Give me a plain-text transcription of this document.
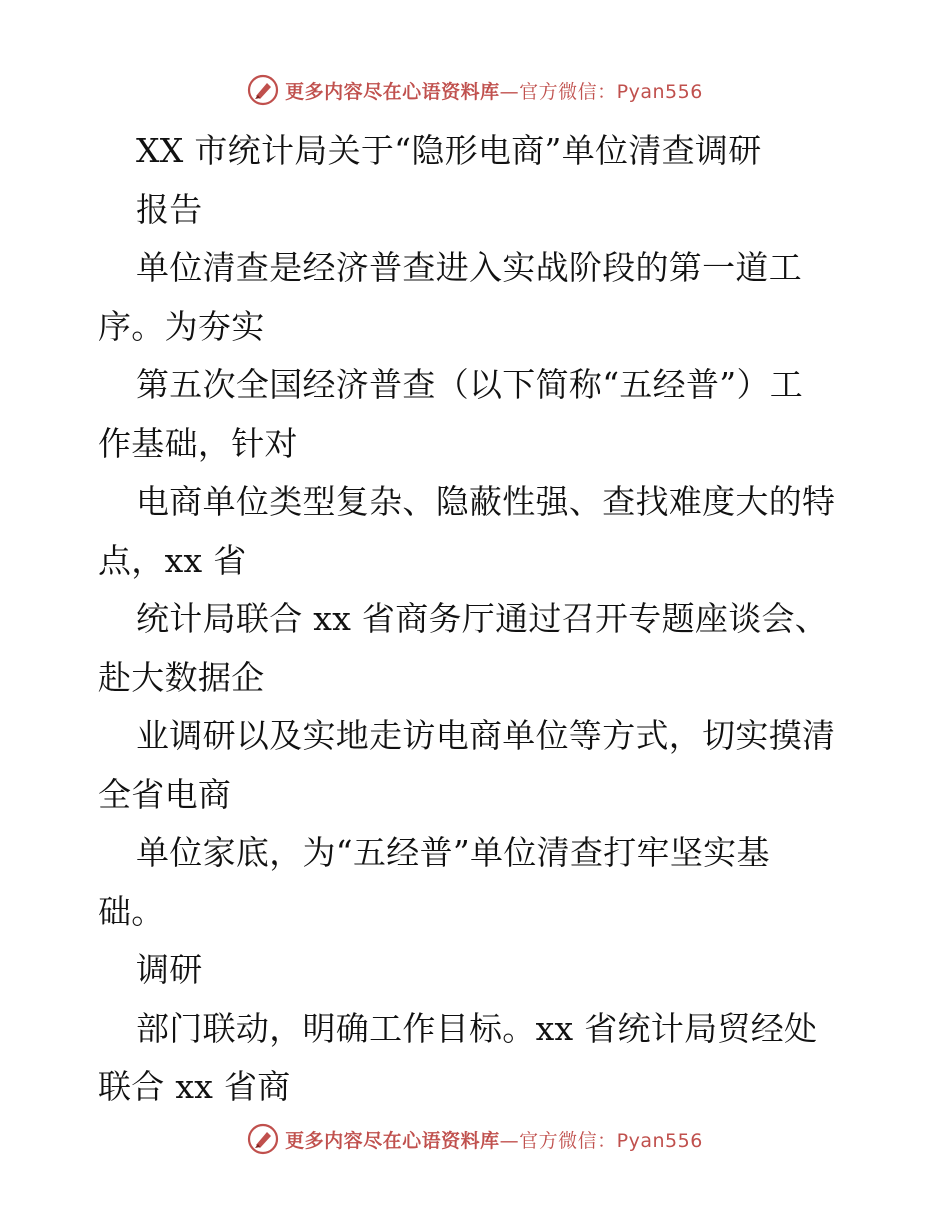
更多内容尽在心语资料库—官方微信：Pyan556
XX 市统计局关于“隐形电商”单位清查调研
报告
单位清查是经济普查进入实战阶段的第一道工
序。为夯实
第五次全国经济普查（以下简称“五经普”）工
作基础，针对
电商单位类型复杂、隐蔽性强、查找难度大的特
点，xx 省
统计局联合 xx 省商务厅通过召开专题座谈会、
赴大数据企
业调研以及实地走访电商单位等方式，切实摸清
全省电商
单位家底，为“五经普”单位清查打牢坚实基
础。
调研
部门联动，明确工作目标。xx 省统计局贸经处
联合 xx 省商
更多内容尽在心语资料库—官方微信：Pyan556
